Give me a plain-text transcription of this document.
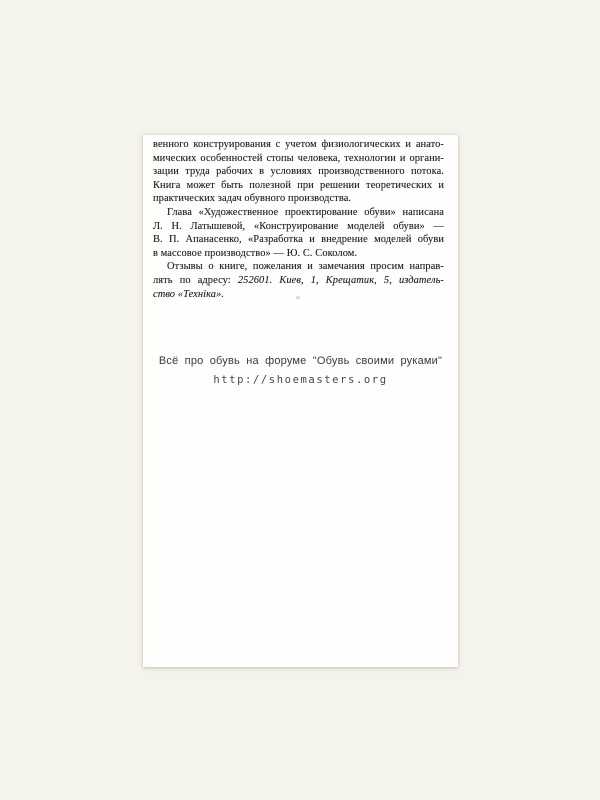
венного конструирования с учетом физиологических и анато-
мических особенностей стопы человека, технологии и органи-
зации труда рабочих в условиях производственного потока.
Книга может быть полезной при решении теоретических и
практических задач обувного производства.
Глава «Художественное проектирование обуви» написана
Л. Н. Латышевой, «Конструирование моделей обуви» —
В. П. Апанасенко, «Разработка и внедрение моделей обуви
в массовое производство» — Ю. С. Соколом.
Отзывы о книге, пожелания и замечания просим направ-
лять по адресу: 252601. Киев, 1, Крещатик, 5, издатель-
ство «Техніка».
Всё про обувь на форуме "Обувь своими руками"
http://shoemasters.org
